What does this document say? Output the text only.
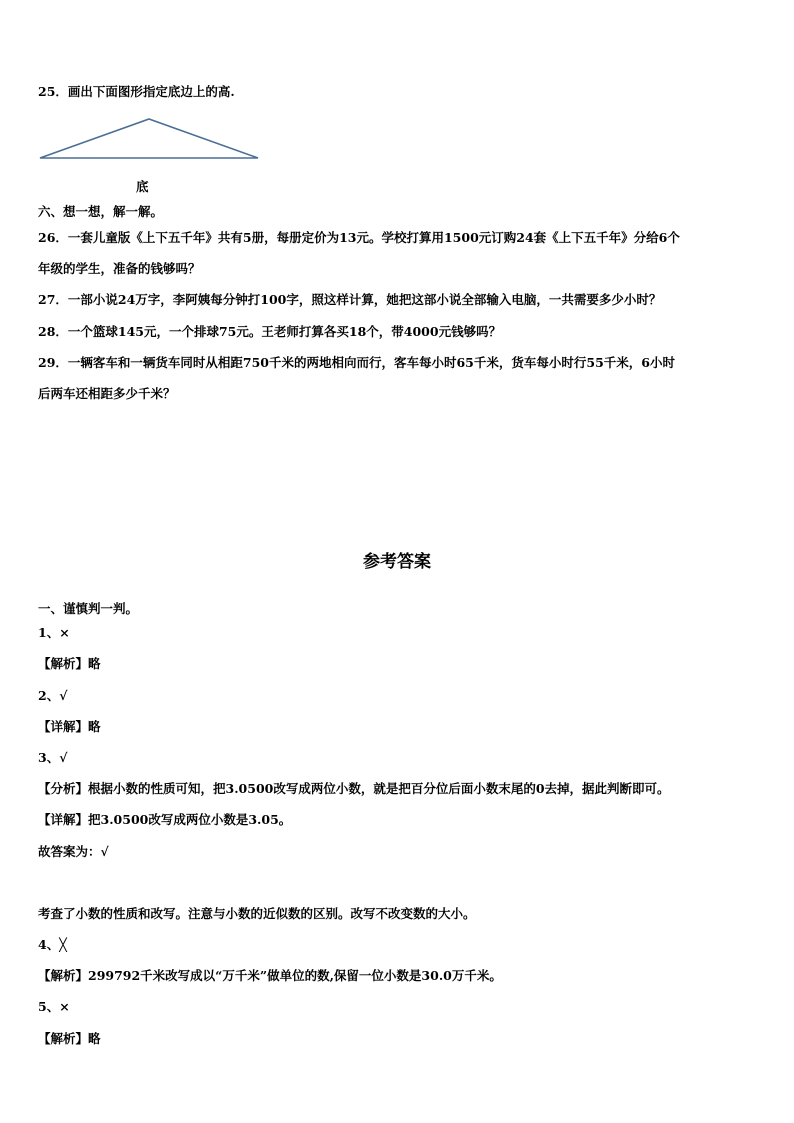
25．画出下面图形指定底边上的高.
底
六、想一想，解一解。
26．一套儿童版《上下五千年》共有5册，每册定价为13元。学校打算用1500元订购24套《上下五千年》分给6个
年级的学生，准备的钱够吗？
27．一部小说24万字，李阿姨每分钟打100字，照这样计算，她把这部小说全部输入电脑，一共需要多少小时？
28．一个篮球145元，一个排球75元。王老师打算各买18个，带4000元钱够吗？
29．一辆客车和一辆货车同时从相距750千米的两地相向而行，客车每小时65千米，货车每小时行55千米，6小时
后两车还相距多少千米？
参考答案
一、谨慎判一判。
1、×
【解析】略
2、√
【详解】略
3、√
【分析】根据小数的性质可知，把3.0500改写成两位小数，就是把百分位后面小数末尾的0去掉，据此判断即可。
【详解】把3.0500改写成两位小数是3.05。
故答案为：√
考查了小数的性质和改写。注意与小数的近似数的区别。改写不改变数的大小。
4、╳
【解析】299792千米改写成以“万千米”做单位的数,保留一位小数是30.0万千米。
5、×
【解析】略
